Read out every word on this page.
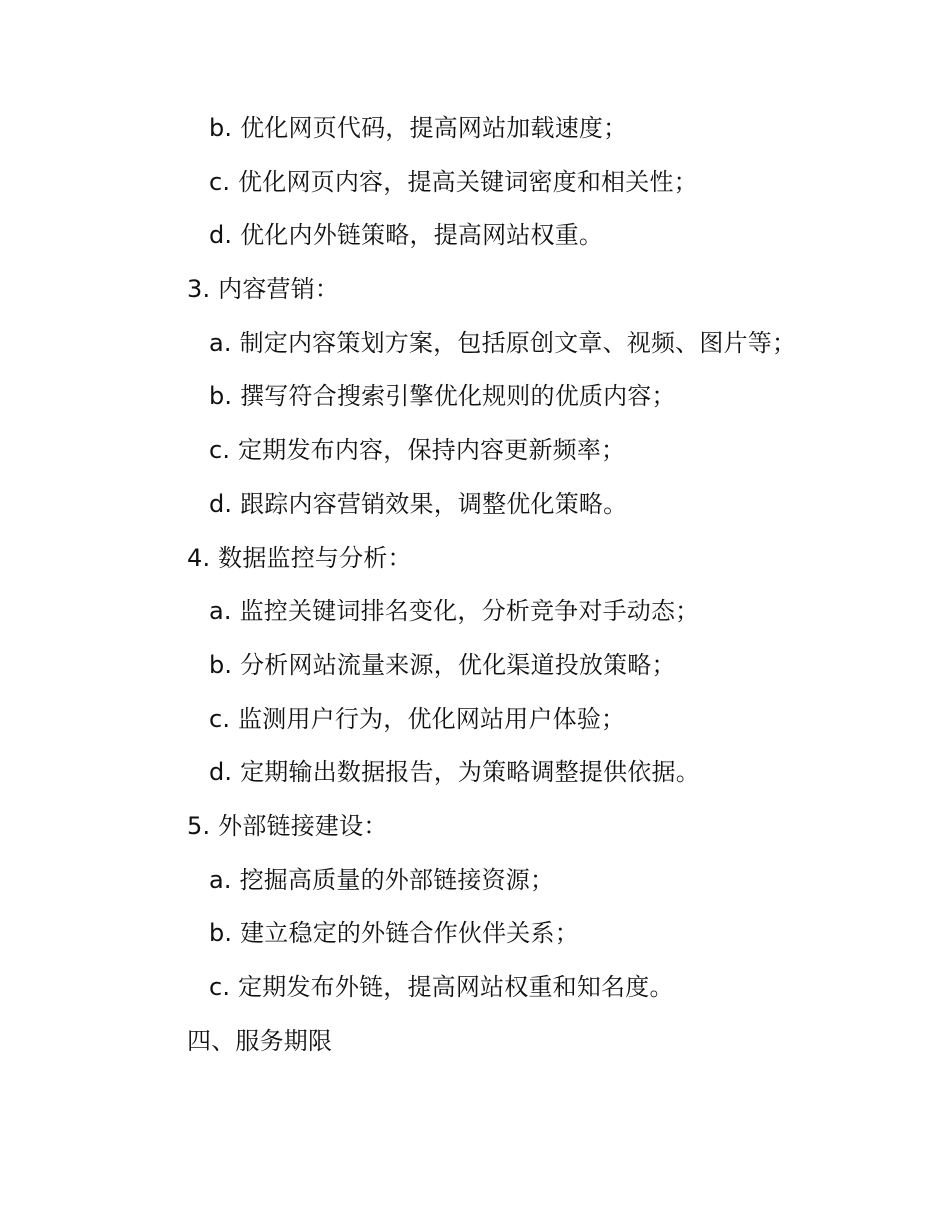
b. 优化网页代码，提高网站加载速度；
c. 优化网页内容，提高关键词密度和相关性；
d. 优化内外链策略，提高网站权重。
3. 内容营销：
a. 制定内容策划方案，包括原创文章、视频、图片等；
b. 撰写符合搜索引擎优化规则的优质内容；
c. 定期发布内容，保持内容更新频率；
d. 跟踪内容营销效果，调整优化策略。
4. 数据监控与分析：
a. 监控关键词排名变化，分析竞争对手动态；
b. 分析网站流量来源，优化渠道投放策略；
c. 监测用户行为，优化网站用户体验；
d. 定期输出数据报告，为策略调整提供依据。
5. 外部链接建设：
a. 挖掘高质量的外部链接资源；
b. 建立稳定的外链合作伙伴关系；
c. 定期发布外链，提高网站权重和知名度。
四、服务期限
